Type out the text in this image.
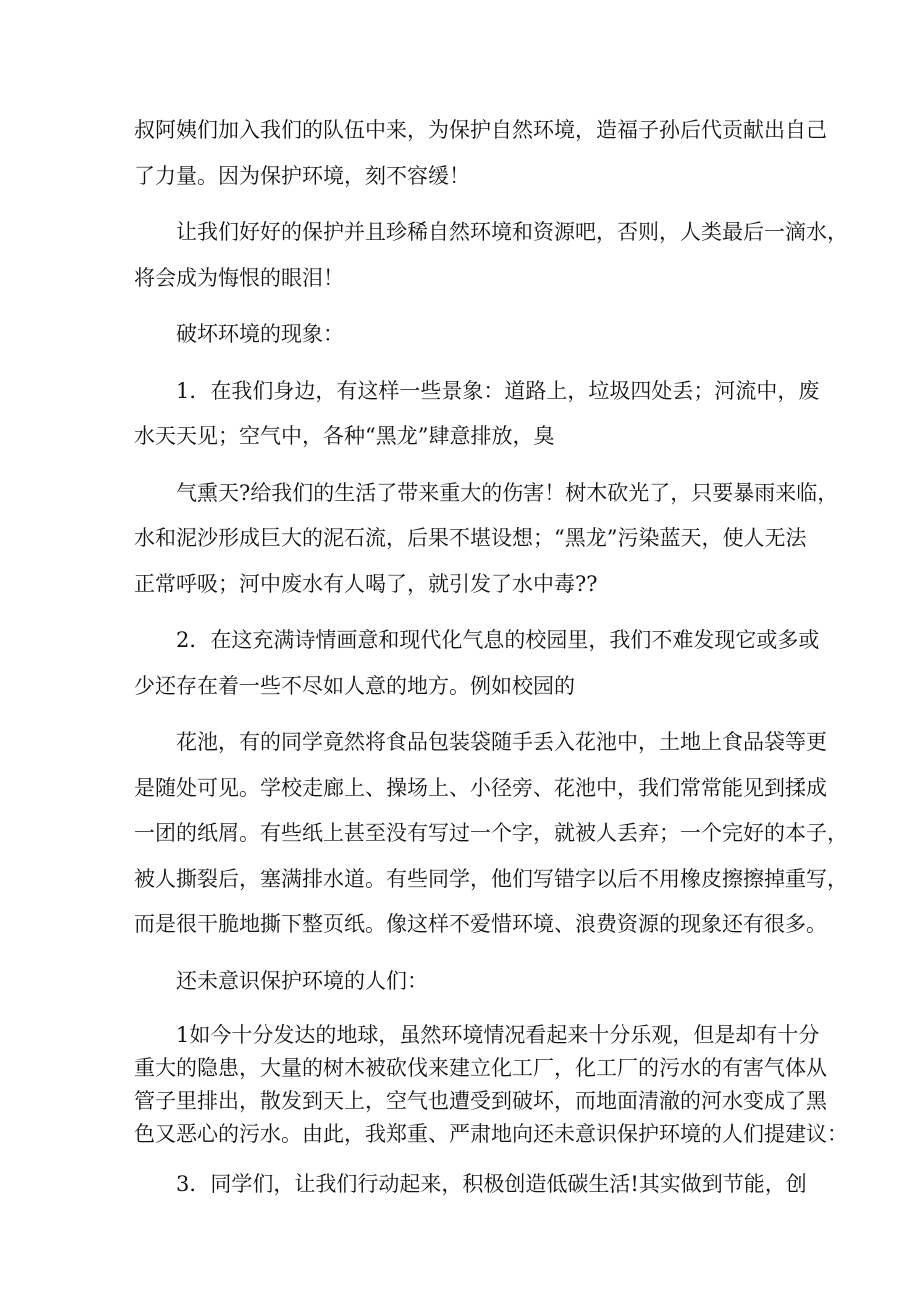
叔阿姨们加入我们的队伍中来，为保护自然环境，造福子孙后代贡献出自己

了力量。因为保护环境，刻不容缓！

让我们好好的保护并且珍稀自然环境和资源吧，否则，人类最后一滴水，

将会成为悔恨的眼泪！

破坏环境的现象：

1．在我们身边，有这样一些景象：道路上，垃圾四处丢；河流中，废

水天天见；空气中，各种“黑龙”肆意排放，臭

气熏天?给我们的生活了带来重大的伤害！树木砍光了，只要暴雨来临，

水和泥沙形成巨大的泥石流，后果不堪设想；“黑龙”污染蓝天，使人无法

正常呼吸；河中废水有人喝了，就引发了水中毒??

2．在这充满诗情画意和现代化气息的校园里，我们不难发现它或多或

少还存在着一些不尽如人意的地方。例如校园的

花池，有的同学竟然将食品包装袋随手丢入花池中，土地上食品袋等更

是随处可见。学校走廊上、操场上、小径旁、花池中，我们常常能见到揉成

一团的纸屑。有些纸上甚至没有写过一个字，就被人丢弃；一个完好的本子，

被人撕裂后，塞满排水道。有些同学，他们写错字以后不用橡皮擦擦掉重写，

而是很干脆地撕下整页纸。像这样不爱惜环境、浪费资源的现象还有很多。

还未意识保护环境的人们：

1如今十分发达的地球，虽然环境情况看起来十分乐观，但是却有十分

重大的隐患，大量的树木被砍伐来建立化工厂，化工厂的污水的有害气体从

管子里排出，散发到天上，空气也遭受到破坏，而地面清澈的河水变成了黑

色又恶心的污水。由此，我郑重、严肃地向还未意识保护环境的人们提建议：

3．同学们，让我们行动起来，积极创造低碳生活!其实做到节能，创
